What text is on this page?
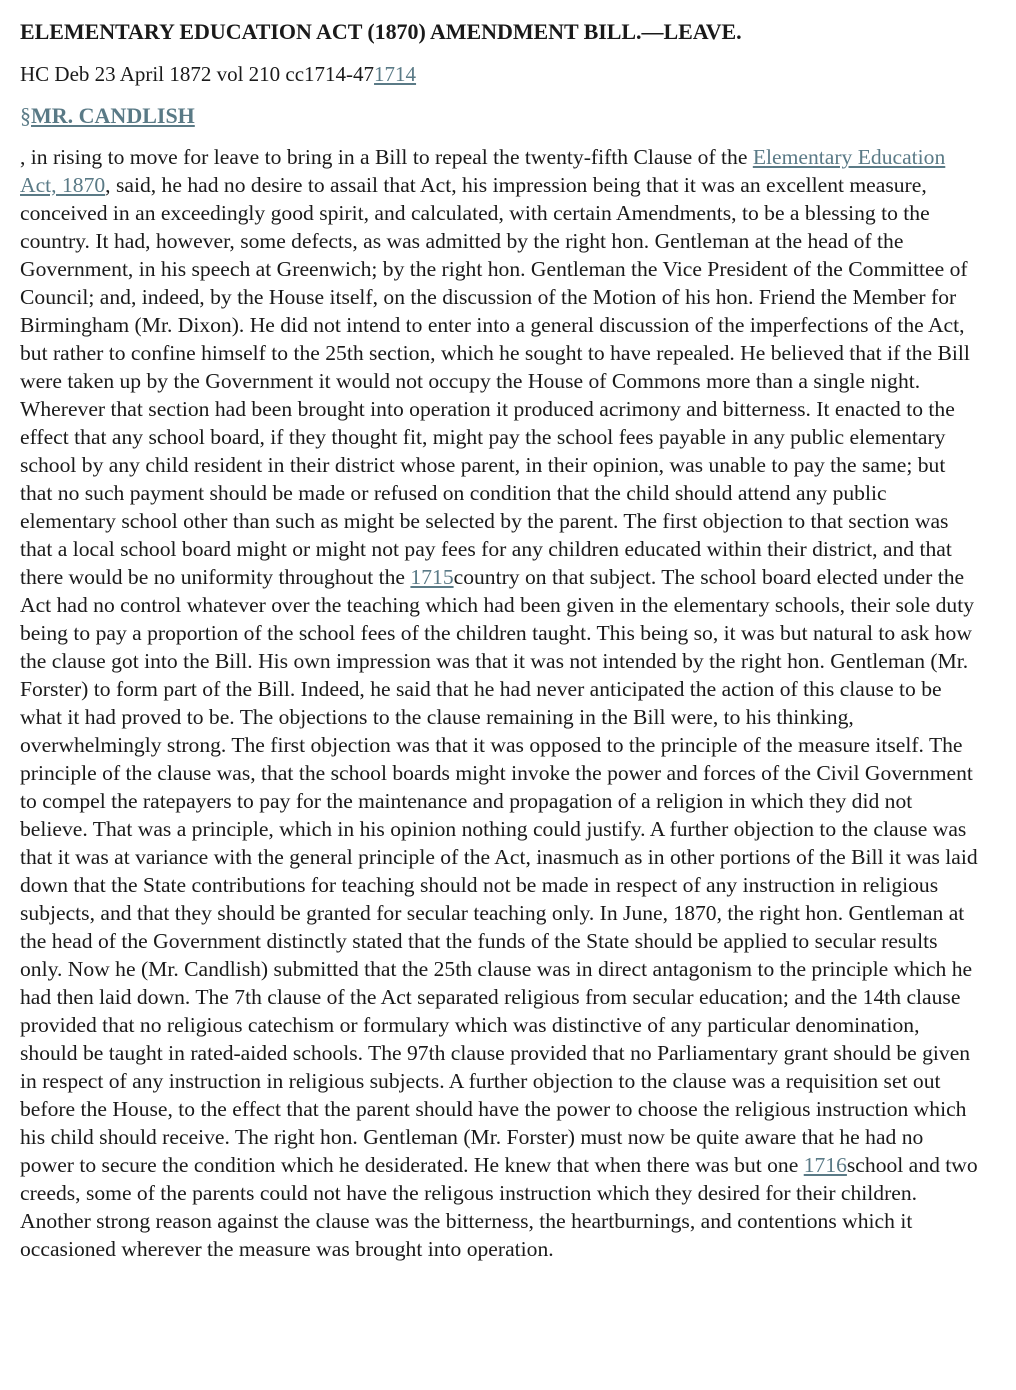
ELEMENTARY EDUCATION ACT (1870) AMENDMENT BILL.—LEAVE.

HC Deb 23 April 1872 vol 210 cc1714-471714

§MR. CANDLISH

, in rising to move for leave to bring in a Bill to repeal the twenty-fifth Clause of the Elementary Education Act, 1870, said, he had no desire to assail that Act, his impression being that it was an excellent measure, conceived in an exceedingly good spirit, and calculated, with certain Amendments, to be a blessing to the country. It had, however, some defects, as was admitted by the right hon. Gentleman at the head of the Government, in his speech at Greenwich; by the right hon. Gentleman the Vice President of the Committee of Council; and, indeed, by the House itself, on the discussion of the Motion of his hon. Friend the Member for Birmingham (Mr. Dixon). He did not intend to enter into a general discussion of the imperfections of the Act, but rather to confine himself to the 25th section, which he sought to have repealed. He believed that if the Bill were taken up by the Government it would not occupy the House of Commons more than a single night. Wherever that section had been brought into operation it produced acrimony and bitterness. It enacted to the effect that any school board, if they thought fit, might pay the school fees payable in any public elementary school by any child resident in their district whose parent, in their opinion, was unable to pay the same; but that no such payment should be made or refused on condition that the child should attend any public elementary school other than such as might be selected by the parent. The first objection to that section was that a local school board might or might not pay fees for any children educated within their district, and that there would be no uniformity throughout the 1715country on that subject. The school board elected under the Act had no control whatever over the teaching which had been given in the elementary schools, their sole duty being to pay a proportion of the school fees of the children taught. This being so, it was but natural to ask how the clause got into the Bill. His own impression was that it was not intended by the right hon. Gentleman (Mr. Forster) to form part of the Bill. Indeed, he said that he had never anticipated the action of this clause to be what it had proved to be. The objections to the clause remaining in the Bill were, to his thinking, overwhelmingly strong. The first objection was that it was opposed to the principle of the measure itself. The principle of the clause was, that the school boards might invoke the power and forces of the Civil Government to compel the ratepayers to pay for the maintenance and propagation of a religion in which they did not believe. That was a principle, which in his opinion nothing could justify. A further objection to the clause was that it was at variance with the general principle of the Act, inasmuch as in other portions of the Bill it was laid down that the State contributions for teaching should not be made in respect of any instruction in religious subjects, and that they should be granted for secular teaching only. In June, 1870, the right hon. Gentleman at the head of the Government distinctly stated that the funds of the State should be applied to secular results only. Now he (Mr. Candlish) submitted that the 25th clause was in direct antagonism to the principle which he had then laid down. The 7th clause of the Act separated religious from secular education; and the 14th clause provided that no religious catechism or formulary which was distinctive of any particular denomination, should be taught in rated-aided schools. The 97th clause provided that no Parliamentary grant should be given in respect of any instruction in religious subjects. A further objection to the clause was a requisition set out before the House, to the effect that the parent should have the power to choose the religious instruction which his child should receive. The right hon. Gentleman (Mr. Forster) must now be quite aware that he had no power to secure the condition which he desiderated. He knew that when there was but one 1716school and two creeds, some of the parents could not have the religous instruction which they desired for their children. Another strong reason against the clause was the bitterness, the heartburnings, and contentions which it occasioned wherever the measure was brought into operation.
